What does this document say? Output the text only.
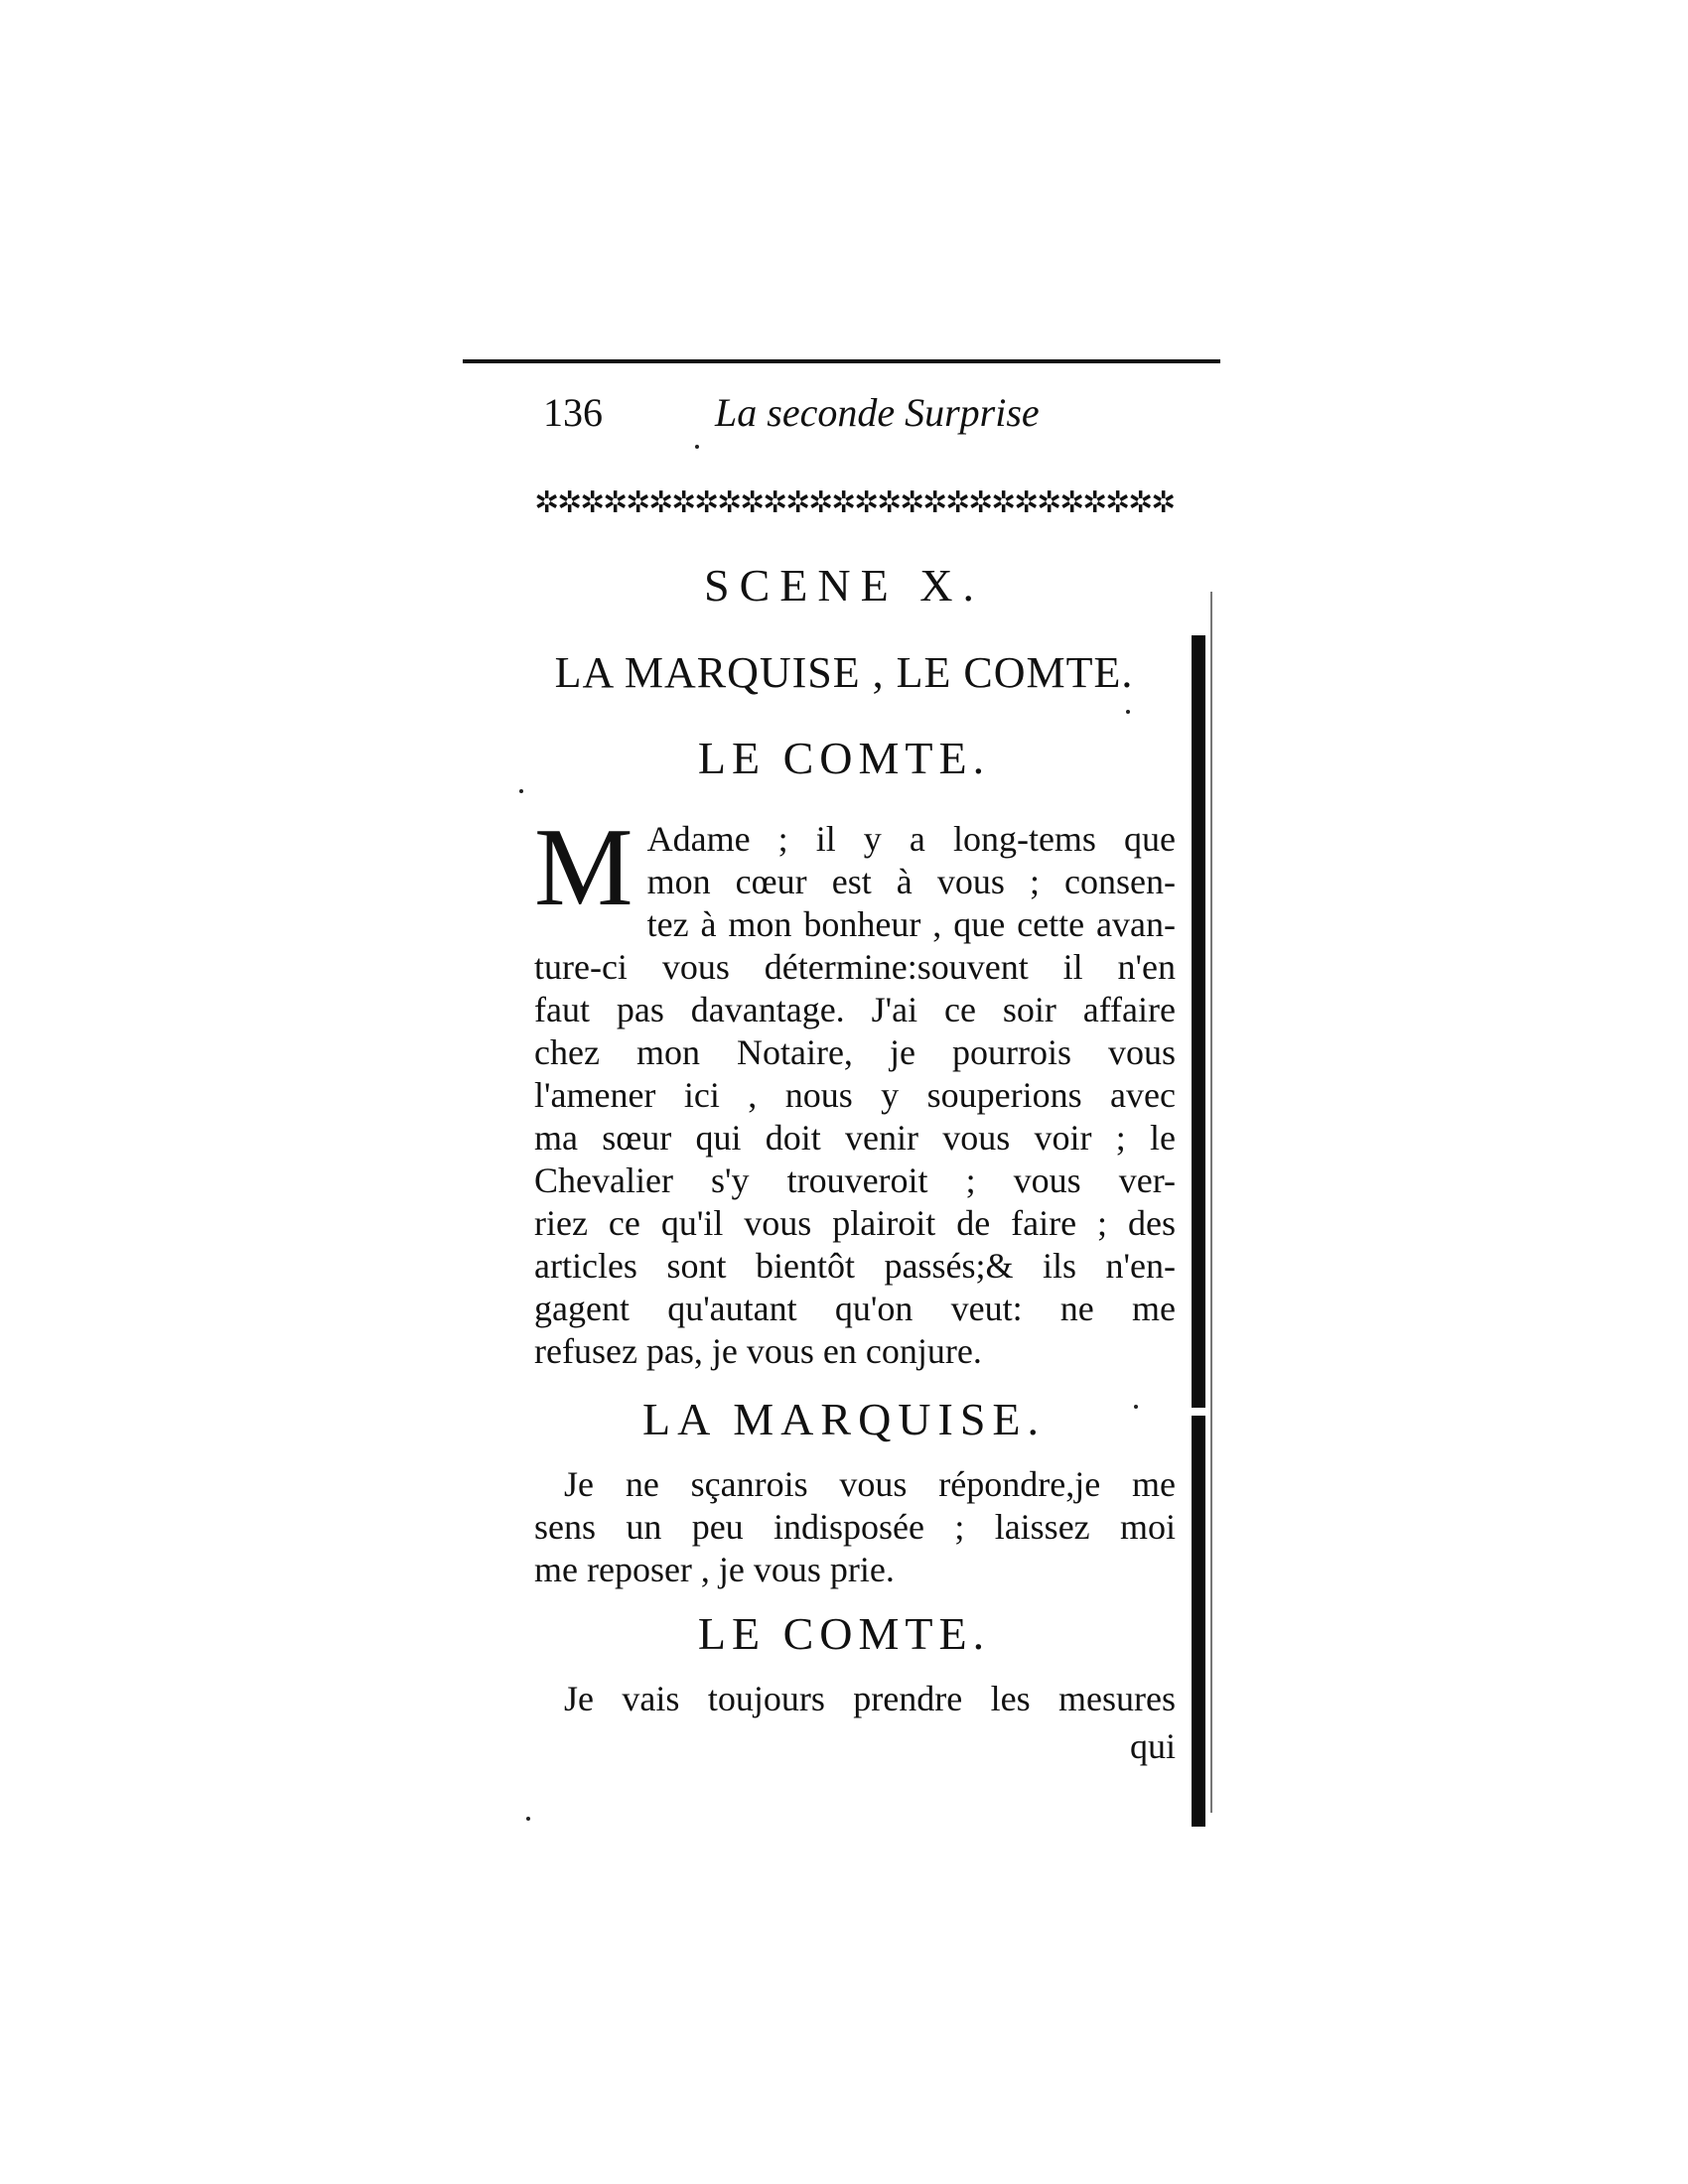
136	La seconde Surprise
✲✲✲✲✲✲✲✲✲✲✲✲✲✲✲✲✲✲✲✲✲✲✲✲✲✲✲✲
SCENE X.
LA MARQUISE , LE COMTE.
LE COMTE.
M Adame ; il y a long-tems que
mon cœur est à vous ; consen-
tez à mon bonheur , que cette avan-
ture-ci vous détermine:souvent il n'en
faut pas davantage. J'ai ce soir affaire
chez mon Notaire, je pourrois vous
l'amener ici , nous y souperions avec
ma sœur qui doit venir vous voir ; le
Chevalier s'y trouveroit ; vous ver-
riez ce qu'il vous plairoit de faire ; des
articles sont bientôt passés;& ils n'en-
gagent qu'autant qu'on veut: ne me
refusez pas, je vous en conjure.
LA MARQUISE.
Je ne sçanrois vous répondre,je me
sens un peu indisposée ; laissez moi
me reposer , je vous prie.
LE COMTE.
Je vais toujours prendre les mesures
qui
